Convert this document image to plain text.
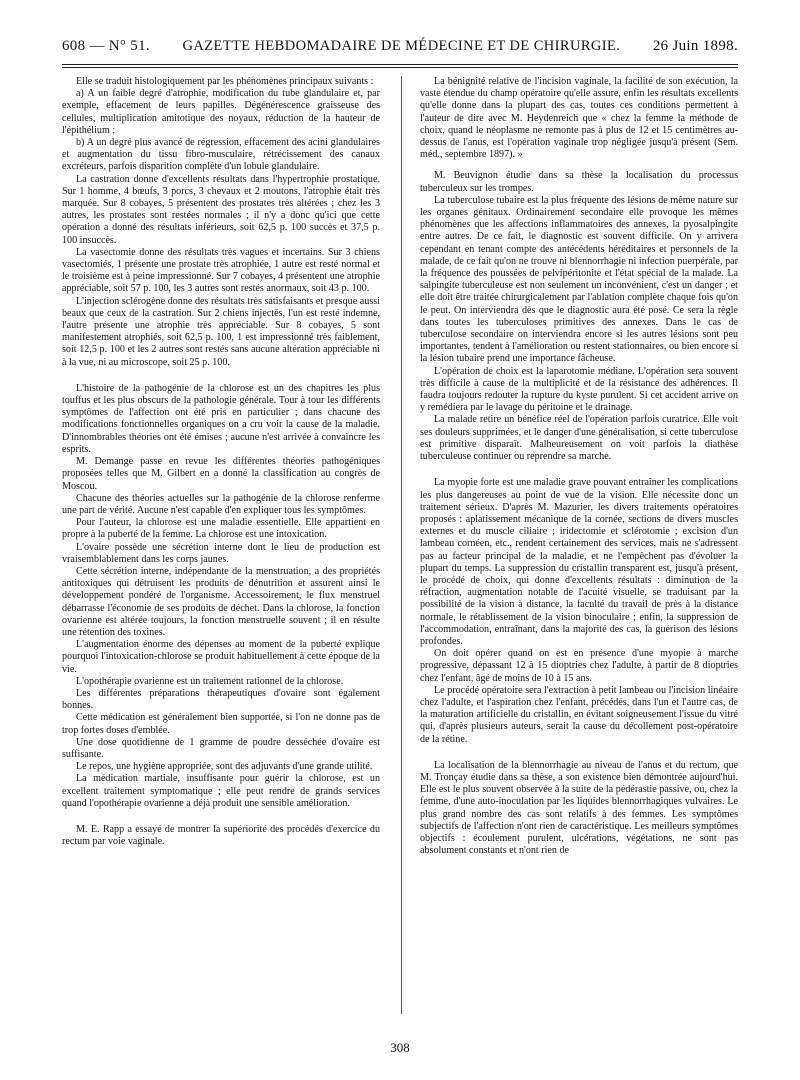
608 — N° 51. GAZETTE HEBDOMADAIRE DE MÉDECINE ET DE CHIRURGIE. 26 Juin 1898.

Elle se traduit histologiquement par les phénomènes principaux suivants :

a) A un faible degré d'atrophie, modification du tube glandulaire et, par exemple, effacement de leurs papilles. Dégénérescence graisseuse des cellules, multiplication amitotique des noyaux, réduction de la hauteur de l'épithélium ;

b) A un degré plus avancé de régression, effacement des acini glandulaires et augmentation du tissu fibro-musculaire, rétrécissement des canaux excréteurs, parfois disparition complète d'un lobule glandulaire.

La castration donne d'excellents résultats dans l'hypertrophie prostatique. Sur 1 homme, 4 bœufs, 3 porcs, 3 chevaux et 2 moutons, l'atrophie était très marquée. Sur 8 cobayes, 5 présentent des prostates très altérées ; chez les 3 autres, les prostates sont restées normales ; il n'y a donc qu'ici que cette opération a donné des résultats inférieurs, soit 62,5 p. 100 succès et 37,5 p. 100 insuccès.

La vasectomie donne des résultats très vagues et incertains. Sur 3 chiens vasectomiés, 1 présente une prostate très atrophiée, 1 autre est resté normal et le troisième est à peine impressionné. Sur 7 cobayes, 4 présentent une atrophie appréciable, soit 57 p. 100, les 3 autres sont restés anormaux, soit 43 p. 100.

L'injection sclérogène donne des résultats très satisfaisants et presque aussi beaux que ceux de la castration. Sur 2 chiens injectés, l'un est resté indemne, l'autre présente une atrophie très appréciable. Sur 8 cobayes, 5 sont manifestement atrophiés, soit 62,5 p. 100, 1 est impressionné très faiblement, soit 12,5 p. 100 et les 2 autres sont restés sans aucune altération appréciable ni à la vue, ni au microscope, soit 25 p. 100.

L'histoire de la pathogénie de la chlorose est un des chapitres les plus touffus et les plus obscurs de la pathologie générale. Tour à tour les différents symptômes de l'affection ont été pris en particulier ; dans chacune des modifications fonctionnelles organiques on a cru voir la cause de la maladie. D'innombrables théories ont été émises ; aucune n'est arrivée à convaincre les esprits.

M. Demange passe en revue les différentes théories pathogéniques proposées telles que M. Gilbert en a donné la classification au congrès de Moscou.

Chacune des théories actuelles sur la pathogénie de la chlorose renferme une part de vérité. Aucune n'est capable d'en expliquer tous les symptômes.

Pour l'auteur, la chlorose est une maladie essentielle. Elle appartient en propre à la puberté de la femme. La chlorose est une intoxication.

L'ovaire possède une sécrétion interne dont le lieu de production est vraisemblablement dans les corps jaunes.

Cette sécrétion interne, indépendante de la menstruation, a des propriétés antitoxiques qui détruisent les produits de dénutrition et assurent ainsi le développement pondéré de l'organisme. Accessoirement, le flux menstruel débarrasse l'économie de ses produits de déchet. Dans la chlorose, la fonction ovarienne est altérée toujours, la fonction menstruelle souvent ; il en résulte une rétention des toxines.

L'augmentation énorme des dépenses au moment de la puberté explique pourquoi l'intoxication-chlorose se produit habituellement à cette époque de la vie.

L'opothérapie ovarienne est un traitement rationnel de la chlorose.

Les différentes préparations thérapeutiques d'ovaire sont également bonnes.

Cette médication est généralement bien supportée, si l'on ne donne pas de trop fortes doses d'emblée.

Une dose quotidienne de 1 gramme de poudre desséchée d'ovaire est suffisante.

Le repos, une hygiène appropriée, sont des adjuvants d'une grande utilité.

La médication martiale, insuffisante pour guérir la chlorose, est un excellent traitement symptomatique ; elle peut rendre de grands services quand l'opothérapie ovarienne a déjà produit une sensible amélioration.

M. E. Rapp a essayé de montrer la supériorité des procédés d'exercice du rectum par voie vaginale.

La bénignité relative de l'incision vaginale, la facilité de son exécution, la vaste étendue du champ opératoire qu'elle assure, enfin les résultats excellents qu'elle donne dans la plupart des cas, toutes ces conditions permettent à l'auteur de dire avec M. Heydenreich que « chez la femme la méthode de choix, quand le néoplasme ne remonte pas à plus de 12 et 15 centimètres au-dessus de l'anus, est l'opération vaginale trop négligée jusqu'à présent (Sem. méd., septembre 1897). »

M. Beuvignon étudie dans sa thèse la localisation du processus tuberculeux sur les trompes.

La tuberculose tubaire est la plus fréquente des lésions de même nature sur les organes génitaux. Ordinairement secondaire elle provoque les mêmes phénomènes que les affections inflammatoires des annexes, la pyosalpingite entre autres. De ce fait, le diagnostic est souvent difficile. On y arrivera cependant en tenant compte des antécédents héréditaires et personnels de la malade, de ce fait qu'on ne trouve ni blennorrhagie ni infection puerpérale, par la fréquence des poussées de pelvipéritonite et l'état spécial de la malade. La salpingite tuberculeuse est non seulement un inconvénient, c'est un danger ; et elle doit être traitée chirurgicalement par l'ablation complète chaque fois qu'on le peut. On interviendra dès que le diagnostic aura été posé. Ce sera la règle dans toutes les tuberculoses primitives des annexes. Dans le cas de tuberculose secondaire on interviendra encore si les autres lésions sont peu importantes, tendent à l'amélioration ou restent stationnaires, ou bien encore si la lésion tubaire prend une importance fâcheuse.

L'opération de choix est la laparotomie médiane. L'opération sera souvent très difficile à cause de la multiplicité et de la résistance des adhérences. Il faudra toujours redouter la rupture du kyste purulent. Si cet accident arrive on y remédiera par le lavage du péritoine et le drainage.

La malade retire un bénéfice réel de l'opération parfois curatrice. Elle voit ses douleurs supprimées, et le danger d'une généralisation, si cette tuberculose est primitive disparaît. Malheureusement on voit parfois la diathèse tuberculeuse continuer ou reprendre sa marche.

La myopie forte est une maladie grave pouvant entraîner les complications les plus dangereuses au point de vue de la vision. Elle nécessite donc un traitement sérieux. D'après M. Mazurier, les divers traitements opératoires proposés : aplatissement mécanique de la cornée, sections de divers muscles externes et du muscle ciliaire ; iridectomie et sclérotomie ; excision d'un lambeau cornéen, etc., rendent certainement des services, mais ne s'adressent pas au facteur principal de la maladie, et ne l'empêchent pas d'évoluer la plupart du temps. La suppression du cristallin transparent est, jusqu'à présent, le procédé de choix, qui donne d'excellents résultats : diminution de la réfraction, augmentation notable de l'acuité visuelle, se traduisant par la possibilité de la vision à distance, la faculté du travail de près à la distance normale, le rétablissement de la vision binoculaire ; enfin, la suppression de l'accommodation, entraînant, dans la majorité des cas, la guérison des lésions profondes.

On doit opérer quand on est en présence d'une myopie à marche progressive, dépassant 12 à 15 dioptries chez l'adulte, à partir de 8 dioptries chez l'enfant, âgé de moins de 10 à 15 ans.

Le procédé opératoire sera l'extraction à petit lambeau ou l'incision linéaire chez l'adulte, et l'aspiration chez l'enfant, précédés, dans l'un et l'autre cas, de la maturation artificielle du cristallin, en évitant soigneusement l'issue du vitré qui, d'après plusieurs auteurs, serait la cause du décollement post-opératoire de la rétine.

La localisation de la blennorrhagie au niveau de l'anus et du rectum, que M. Tronçay étudie dans sa thèse, a son existence bien démontrée aujourd'hui. Elle est le plus souvent observée à la suite de la pédérastie passive, ou, chez la femme, d'une auto-inoculation par les liquides blennorrhagiques vulvaires. Le plus grand nombre des cas sont relatifs à des femmes. Les symptômes subjectifs de l'affection n'ont rien de caractéristique. Les meilleurs symptômes objectifs : écoulement purulent, ulcérations, végétations, ne sont pas absolument constants et n'ont rien de

308
